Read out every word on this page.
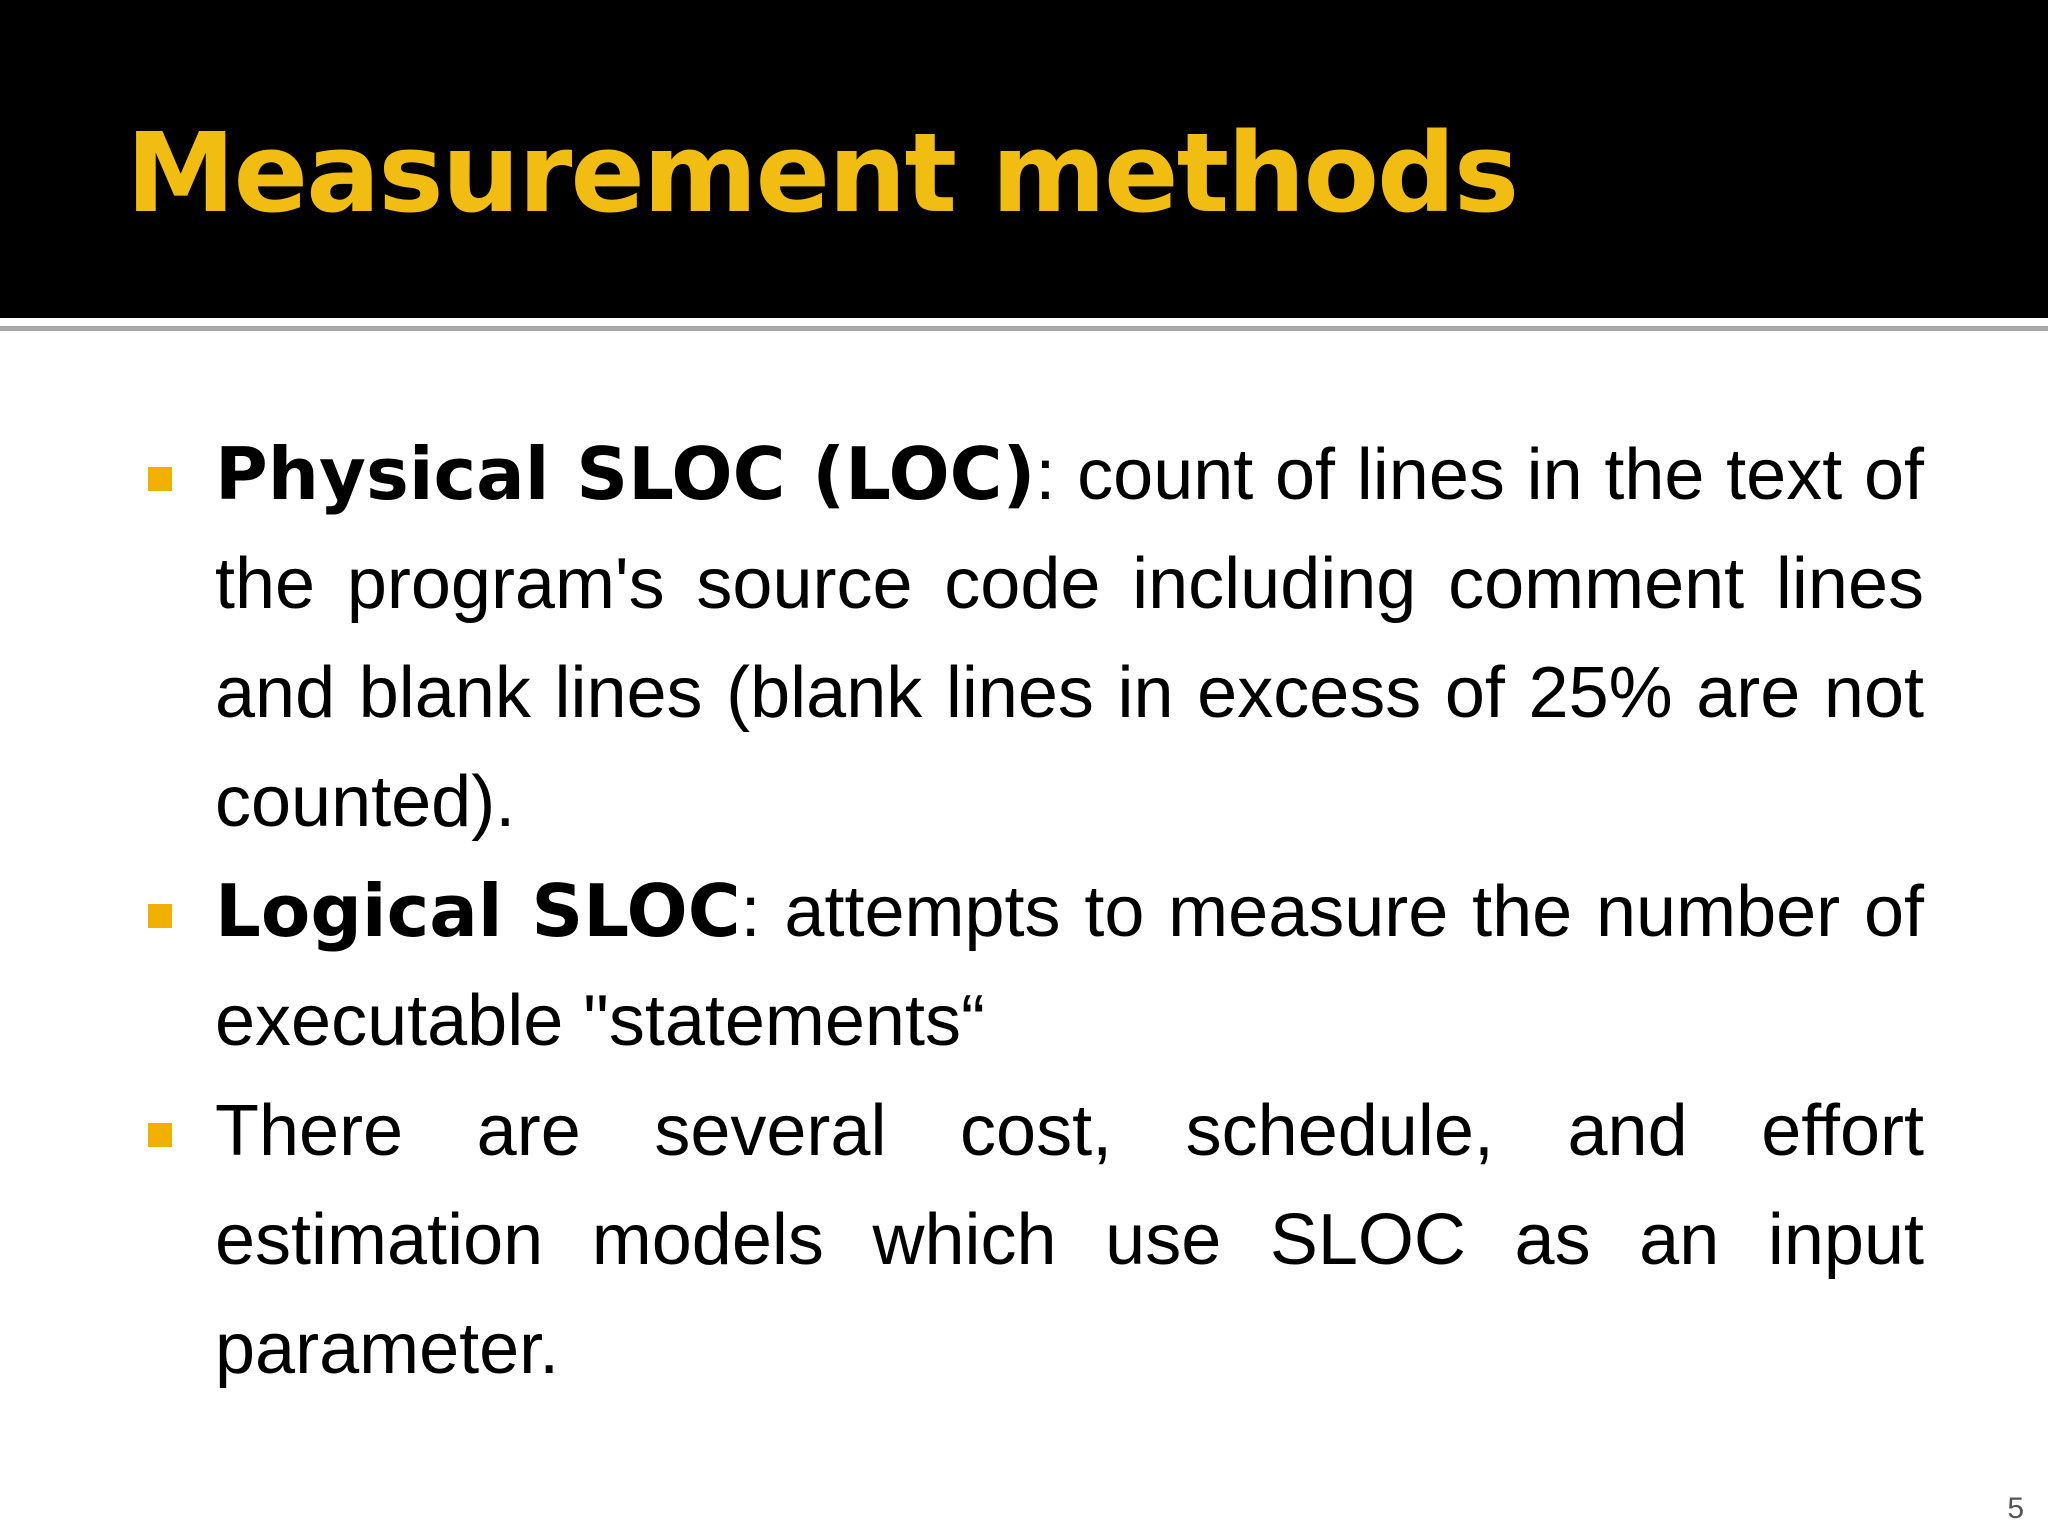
Measurement methods
Physical SLOC (LOC): count of lines in the text of the program's source code including comment lines and blank lines (blank lines in excess of 25% are not counted).
Logical SLOC: attempts to measure the number of executable "statements“
There are several cost, schedule, and effort estimation models which use SLOC as an input parameter.
5
